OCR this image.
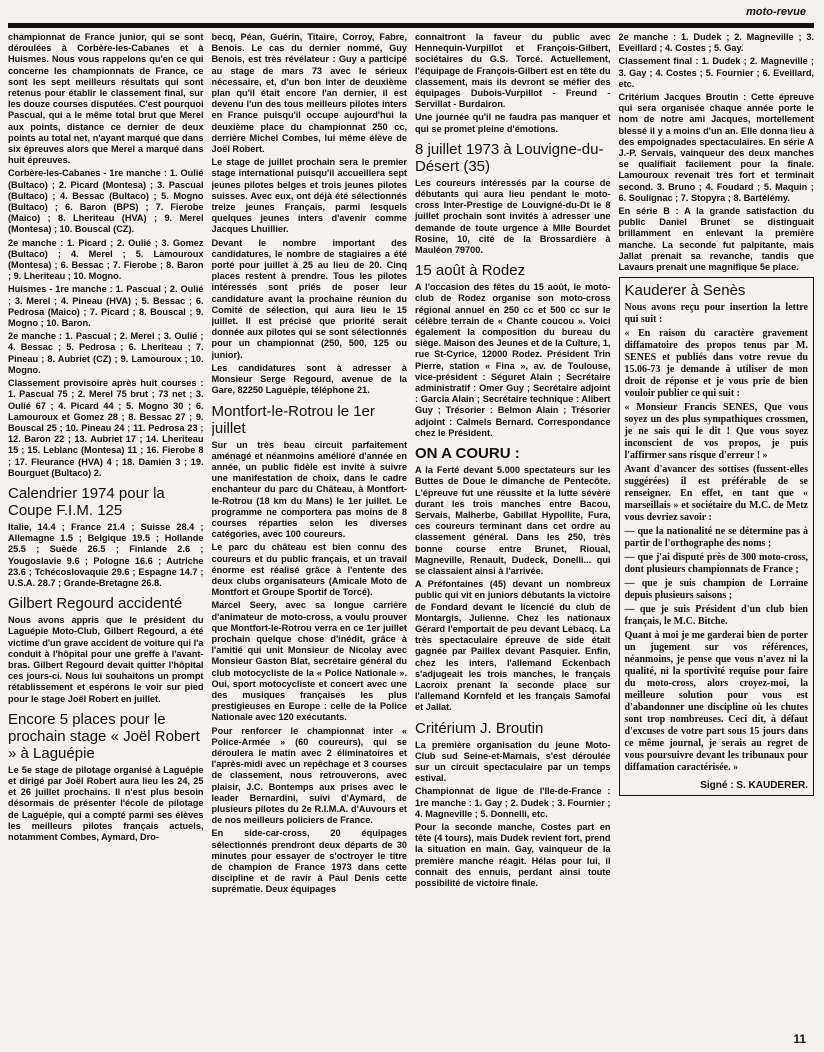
moto-revue

championnat de France junior, qui se sont déroulées à Corbère-les-Cabanes et à Huismes. Nous vous rappelons qu'en ce qui concerne les championnats de France, ce sont les sept meilleurs résultats qui sont retenus pour établir le classement final, sur les douze courses disputées. C'est pourquoi Pascual, qui a le même total brut que Merel aux points, distance ce dernier de deux points au total net, n'ayant marqué que dans six épreuves alors que Merel a marqué dans huit épreuves.

Corbère-les-Cabanes - 1re manche : 1. Oulié (Bultaco) ; 2. Picard (Montesa) ; 3. Pascual (Bultaco) ; 4. Bessac (Bultaco) ; 5. Mogno (Bultaco) ; 6. Baron (BPS) ; 7. Fierobe (Maico) ; 8. Lheriteau (HVA) ; 9. Merel (Montesa) ; 10. Bouscal (CZ).

2e manche : 1. Picard ; 2. Oulié ; 3. Gomez (Bultaco) ; 4. Merel ; 5. Lamouroux (Montesa) ; 6. Bessac ; 7. Fierobe ; 8. Baron ; 9. Lheriteau ; 10. Mogno.

Huismes - 1re manche : 1. Pascual ; 2. Oulié ; 3. Merel ; 4. Pineau (HVA) ; 5. Bessac ; 6. Pedrosa (Maico) ; 7. Picard ; 8. Bouscal ; 9. Mogno ; 10. Baron.

2e manche : 1. Pascual ; 2. Merel ; 3. Oulié ; 4. Bessac ; 5. Pedrosa ; 6. Lheriteau ; 7. Pineau ; 8. Aubriet (CZ) ; 9. Lamouroux ; 10. Mogno.

Classement provisoire après huit courses : 1. Pascual 75 ; 2. Merel 75 brut ; 73 net ; 3. Oulié 67 ; 4. Picard 44 ; 5. Mogno 30 ; 6. Lamouroux et Gomez 28 ; 8. Bessac 27 ; 9. Bouscal 25 ; 10. Pineau 24 ; 11. Pedrosa 23 ; 12. Baron 22 ; 13. Aubriet 17 ; 14. Lheriteau 15 ; 15. Leblanc (Montesa) 11 ; 16. Fierobe 8 ; 17. Fleurance (HVA) 4 ; 18. Damien 3 ; 19. Bourguet (Bultaco) 2.

Calendrier 1974 pour la Coupe F.I.M. 125

Italie, 14.4 ; France 21.4 ; Suisse 28.4 ; Allemagne 1.5 ; Belgique 19.5 ; Hollande 25.5 ; Suède 26.5 ; Finlande 2.6 ; Yougoslavie 9.6 ; Pologne 16.6 ; Autriche 23.6 ; Tchécoslovaquie 29.6 ; Espagne 14.7 ; U.S.A. 28.7 ; Grande-Bretagne 26.8.

Gilbert Regourd accidenté

Nous avons appris que le président du Laguépie Moto-Club, Gilbert Regourd, a été victime d'un grave accident de voiture qui l'a conduit à l'hôpital pour une greffe à l'avant-bras. Gilbert Regourd devait quitter l'hôpital ces jours-ci. Nous lui souhaitons un prompt rétablissement et espérons le voir sur pied pour le stage Joël Robert en juillet.

Encore 5 places pour le prochain stage « Joël Robert » à Laguépie

Le 5e stage de pilotage organisé à Laguépie et dirigé par Joël Robert aura lieu les 24, 25 et 26 juillet prochains. Il n'est plus besoin désormais de présenter l'école de pilotage de Laguépie, qui a compté parmi ses élèves les meilleurs pilotes français actuels, notamment Combes, Aymard, Dro-

becq, Péan, Guérin, Titaire, Corroy, Fabre, Benois. Le cas du dernier nommé, Guy Benois, est très révélateur : Guy a participé au stage de mars 73 avec le sérieux nécessaire, et, d'un bon inter de deuxième plan qu'il était encore l'an dernier, il est devenu l'un des tous meilleurs pilotes inters en France puisqu'il occupe aujourd'hui la deuxième place du championnat 250 cc, derrière Michel Combes, lui même élève de Joël Robert.

Le stage de juillet prochain sera le premier stage international puisqu'il accueillera sept jeunes pilotes belges et trois jeunes pilotes suisses. Avec eux, ont déjà été sélectionnés treize jeunes Français, parmi lesquels quelques jeunes inters d'avenir comme Jacques Lhuillier.

Devant le nombre important des candidatures, le nombre de stagiaires a été porté pour juillet à 25 au lieu de 20. Cinq places restent à prendre. Tous les pilotes intéressés sont priés de poser leur candidature avant la prochaine réunion du Comité de sélection, qui aura lieu le 15 juillet. Il est précisé que priorité serait donnée aux pilotes qui se sont sélectionnés pour un championnat (250, 500, 125 ou junior).

Les candidatures sont à adresser à Monsieur Serge Regourd, avenue de la Gare, 82250 Laguépie, téléphone 21.

Montfort-le-Rotrou le 1er juillet

Sur un très beau circuit parfaitement aménagé et néanmoins amélioré d'année en année, un public fidèle est invité à suivre une manifestation de choix, dans le cadre enchanteur du parc du Château, à Montfort-le-Rotrou (18 km du Mans) le 1er juillet. Le programme ne comportera pas moins de 8 courses réparties selon les diverses catégories, avec 100 coureurs.

Le parc du château est bien connu des coureurs et du public français, et un travail énorme est réalisé grâce à l'entente des deux clubs organisateurs (Amicale Moto de Montfort et Groupe Sportif de Torcé).

Marcel Seery, avec sa longue carrière d'animateur de moto-cross, a voulu prouver que Montfort-le-Rotrou verra en ce 1er juillet prochain quelque chose d'inédit, grâce à l'amitié qui unit Monsieur de Nicolay avec Monsieur Gaston Blat, secrétaire général du club motocycliste de la « Police Nationale ». Oui, sport motocycliste et concert avec une des musiques françaises les plus prestigieuses en Europe : celle de la Police Nationale avec 120 exécutants.

Pour renforcer le championnat inter « Police-Armée » (60 coureurs), qui se déroulera le matin avec 2 éliminatoires et l'après-midi avec un repêchage et 3 courses de classement, nous retrouverons, avec plaisir, J.C. Bontemps aux prises avec le leader Bernardini, suivi d'Aymard, de plusieurs pilotes du 2e R.I.M.A. d'Auvours et de nos meilleurs policiers de France.

En side-car-cross, 20 équipages sélectionnés prendront deux départs de 30 minutes pour essayer de s'octroyer le titre de champion de France 1973 dans cette discipline et de ravir à Paul Denis cette suprématie. Deux équipages

connaitront la faveur du public avec Hennequin-Vurpillot et François-Gilbert, sociétaires du G.S. Torcé. Actuellement, l'équipage de François-Gilbert est en tête du classement, mais ils devront se méfier des équipages Dubois-Vurpillot - Freund - Servillat - Burdairon.

Une journée qu'il ne faudra pas manquer et qui se promet pleine d'émotions.

8 juillet 1973 à Louvigne-du-Désert (35)

Les coureurs intéressés par la course de débutants qui aura lieu pendant le moto-cross Inter-Prestige de Louvigné-du-Dt le 8 juillet prochain sont invités à adresser une demande de toute urgence à Mlle Bourdet Rosine, 10, cité de la Brossardière à Mauléon 79700.

15 août à Rodez

A l'occasion des fêtes du 15 août, le moto-club de Rodez organise son moto-cross régional annuel en 250 cc et 500 cc sur le célèbre terrain de « Chante coucou ». Voici également la composition du bureau du siège. Maison des Jeunes et de la Culture, 1, rue St-Cyrice, 12000 Rodez. Président Trin Pierre, station « Fina », av. de Toulouse, vice-président : Séguret Alain ; Secrétaire administratif : Omer Guy ; Secrétaire adjoint : Garcia Alain ; Secrétaire technique : Alibert Guy ; Trésorier : Belmon Alain ; Trésorier adjoint : Calmels Bernard. Correspondance chez le Président.

ON A COURU :

A la Ferté devant 5.000 spectateurs sur les Buttes de Doue le dimanche de Pentecôte. L'épreuve fut une réussite et la lutte sévère durant les trois manches entre Bacou, Servais, Malherbe, Gabillat Hypollite, Fura, ces coureurs terminant dans cet ordre au classement général. Dans les 250, très bonne course entre Brunet, Rioual, Magneville, Renault, Dudeck, Donelli... qui se classaient ainsi à l'arrivée.

A Préfontaines (45) devant un nombreux public qui vit en juniors débutants la victoire de Fondard devant le licencié du club de Montargis, Julienne. Chez les nationaux Gérard l'emportait de peu devant Lebacq. La très spectaculaire épreuve de side était gagnée par Paillex devant Pasquier. Enfin, chez les inters, l'allemand Eckenbach s'adjugeait les trois manches, le français Lacroix prenant la seconde place sur l'allemand Kornfeld et les français Samofal et Jallat.

Critérium J. Broutin

La première organisation du jeune Moto-Club sud Seine-et-Marnais, s'est déroulée sur un circuit spectaculaire par un temps estival.

Championnat de ligue de l'Ile-de-France : 1re manche : 1. Gay ; 2. Dudek ; 3. Fournier ; 4. Magneville ; 5. Donnelli, etc.

Pour la seconde manche, Costes part en tête (4 tours), mais Dudek revient fort, prend la situation en main. Gay, vainqueur de la première manche réagit. Hélas pour lui, il connait des ennuis, perdant ainsi toute possibilité de victoire finale.

2e manche : 1. Dudek ; 2. Magneville ; 3. Eveillard ; 4. Costes ; 5. Gay.

Classement final : 1. Dudek ; 2. Magneville ; 3. Gay ; 4. Costes ; 5. Fournier ; 6. Eveillard, etc.

Critérium Jacques Broutin : Cette épreuve qui sera organisée chaque année porte le nom de notre ami Jacques, mortellement blessé il y a moins d'un an. Elle donna lieu à des empoignades spectaculaires. En série A J.-P. Servais, vainqueur des deux manches se qualifiait facilement pour la finale. Lamouroux revenait très fort et terminait second. 3. Bruno ; 4. Foudard ; 5. Maquin ; 6. Soulignac ; 7. Stopyra ; 8. Bartélémy.

En série B : A la grande satisfaction du public Daniel Brunet se distinguait brillamment en enlevant la première manche. La seconde fut palpitante, mais Jallat prenait sa revanche, tandis que Lavaurs prenait une magnifique 5e place.

Kauderer à Senès

Nous avons reçu pour insertion la lettre qui suit :

« En raison du caractère gravement diffamatoire des propos tenus par M. SENES et publiés dans votre revue du 15.06-73 je demande à utiliser de mon droit de réponse et je vous prie de bien vouloir publier ce qui suit :

« Monsieur Francis SENES, Que vous soyez un des plus sympathiques crossmen, je ne sais qui le dit ! Que vous soyez inconscient de vos propos, je puis l'affirmer sans risque d'erreur ! »

Avant d'avancer des sottises (fussent-elles suggérées) il est préférable de se renseigner. En effet, en tant que « marseillais » et sociétaire du M.C. de Metz vous devriez savoir :

— que la nationalité ne se détermine pas à partir de l'orthographe des noms ;

— que j'ai disputé près de 300 moto-cross, dont plusieurs championnats de France ;

— que je suis champion de Lorraine depuis plusieurs saisons ;

— que je suis Président d'un club bien français, le M.C. Bitche.

Quant à moi je me garderai bien de porter un jugement sur vos références, néanmoins, je pense que vous n'avez ni la qualité, ni la sportivité requise pour faire du moto-cross, alors croyez-moi, la meilleure solution pour vous est d'abandonner une discipline où les chutes sont trop nombreuses. Ceci dit, à défaut d'excuses de votre part sous 15 jours dans ce même journal, je serais au regret de vous poursuivre devant les tribunaux pour diffamation caractérisée. »

Signé : S. KAUDERER.
11
